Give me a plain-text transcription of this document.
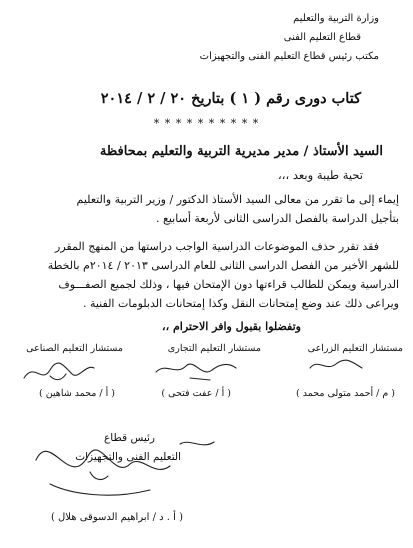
وزارة التربية والتعليم
قطاع التعليم الفنى
مكتب رئيس قطاع التعليم الفنى والتجهيزات
كتاب دورى رقم ( ١ ) بتاريخ ٢٠ / ٢ / ٢٠١٤
* * * * * * * * * *
السيد الأستاذ / مدير مديرية التربية والتعليم بمحافظة
تحية طيبة وبعد ،،،
إيماء إلى ما تقرر من معالى السيد الأستاذ الدكتور / وزير التربية والتعليم
بتأجيل الدراسة بالفصل الدراسى الثانى لأربعة أسابيع .
فقد تقرر حذف الموضوعات الدراسية الواجب دراستها من المنهج المقرر
للشهر الأخير من الفصل الدراسى الثانى للعام الدراسى ٢٠١٣ / ٢٠١٤م بالخطة
الدراسية ويمكن للطالب قراءتها دون الإمتحان فيها ، وذلك لجميع الصفـــوف
ويراعى ذلك عند وضع إمتحانات النقل وكذا إمتحانات الدبلومات الفنية .
وتفضلوا بقبول وافر الاحترام ،،
مستشار التعليم الزراعى
مستشار التعليم التجارى
مستشار التعليم الصناعى
( م / أحمد متولى محمد )
( أ / عفت فتحى )
( أ / محمد شاهين )
رئيس قطاع
التعليم الفنى والتجهيزات
( أ . د / ابراهيم الدسوقى هلال )
